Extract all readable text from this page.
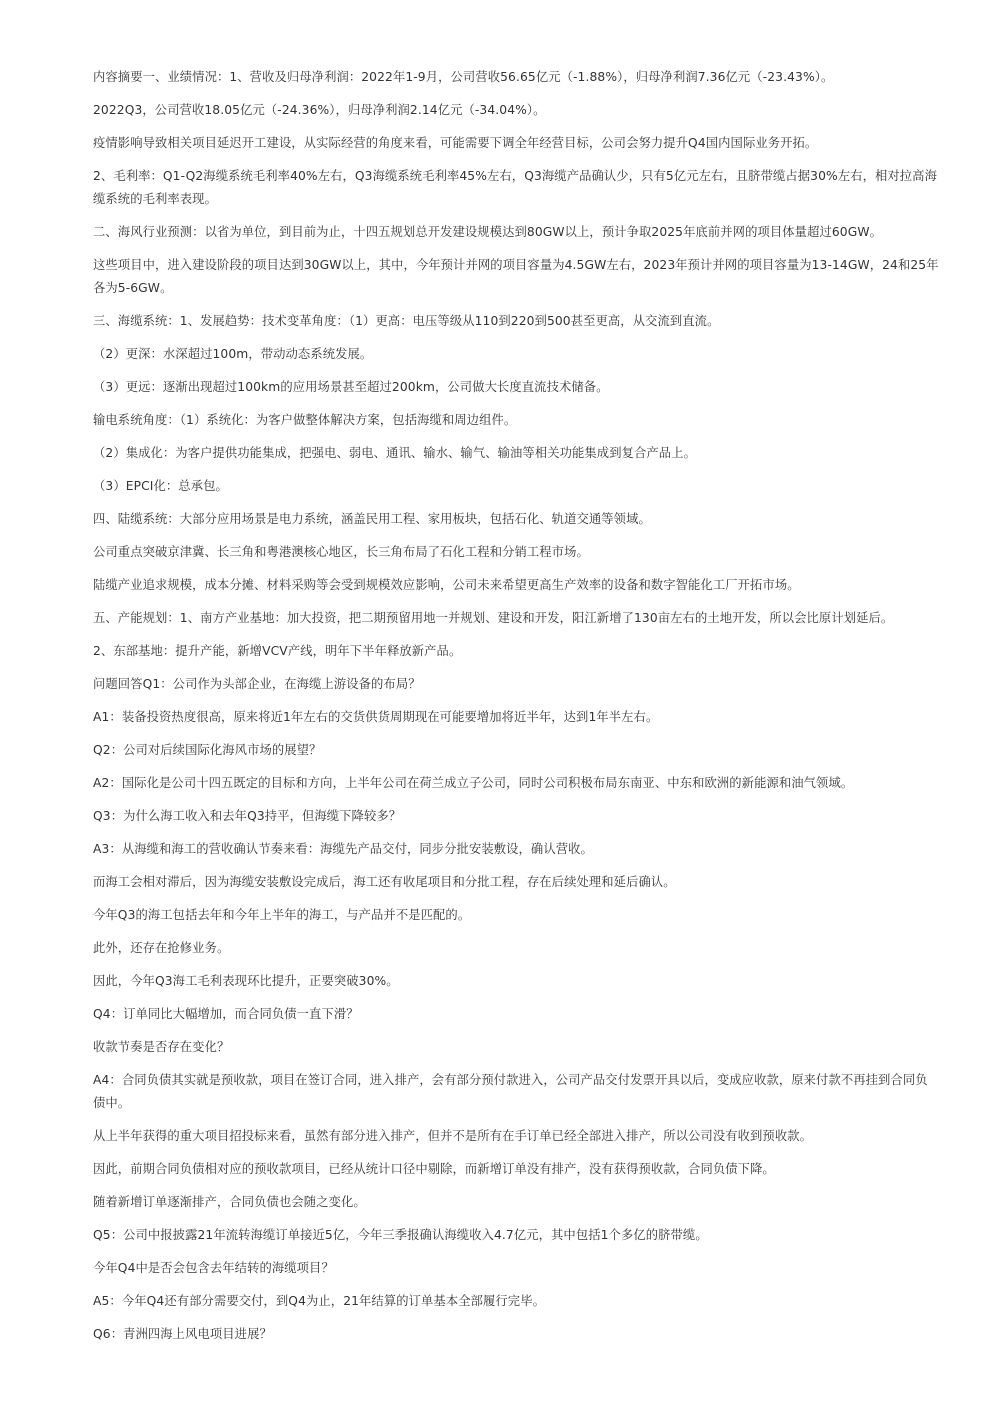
内容摘要一、业绩情况：1、营收及归母净利润：2022年1-9月，公司营收56.65亿元（-1.88%），归母净利润7.36亿元（-23.43%）。

2022Q3，公司营收18.05亿元（-24.36%），归母净利润2.14亿元（-34.04%）。

疫情影响导致相关项目延迟开工建设，从实际经营的角度来看，可能需要下调全年经营目标，公司会努力提升Q4国内国际业务开拓。

2、毛利率：Q1-Q2海缆系统毛利率40%左右，Q3海缆系统毛利率45%左右，Q3海缆产品确认少，只有5亿元左右，且脐带缆占据30%左右，相对拉高海缆系统的毛利率表现。

二、海风行业预测：以省为单位，到目前为止，十四五规划总开发建设规模达到80GW以上，预计争取2025年底前并网的项目体量超过60GW。

这些项目中，进入建设阶段的项目达到30GW以上，其中，今年预计并网的项目容量为4.5GW左右，2023年预计并网的项目容量为13-14GW，24和25年各为5-6GW。

三、海缆系统：1、发展趋势：技术变革角度：（1）更高：电压等级从110到220到500甚至更高，从交流到直流。

（2）更深：水深超过100m，带动动态系统发展。

（3）更远：逐渐出现超过100km的应用场景甚至超过200km，公司做大长度直流技术储备。

输电系统角度：（1）系统化：为客户做整体解决方案，包括海缆和周边组件。

（2）集成化：为客户提供功能集成，把强电、弱电、通讯、输水、输气、输油等相关功能集成到复合产品上。

（3）EPCI化：总承包。

四、陆缆系统：大部分应用场景是电力系统，涵盖民用工程、家用板块，包括石化、轨道交通等领域。

公司重点突破京津冀、长三角和粤港澳核心地区，长三角布局了石化工程和分销工程市场。

陆缆产业追求规模，成本分摊、材料采购等会受到规模效应影响，公司未来希望更高生产效率的设备和数字智能化工厂开拓市场。

五、产能规划：1、南方产业基地：加大投资，把二期预留用地一并规划、建设和开发，阳江新增了130亩左右的土地开发，所以会比原计划延后。

2、东部基地：提升产能，新增VCV产线，明年下半年释放新产品。

问题回答Q1：公司作为头部企业，在海缆上游设备的布局？

A1：装备投资热度很高，原来将近1年左右的交货供货周期现在可能要增加将近半年，达到1年半左右。

Q2：公司对后续国际化海风市场的展望？

A2：国际化是公司十四五既定的目标和方向，上半年公司在荷兰成立子公司，同时公司积极布局东南亚、中东和欧洲的新能源和油气领域。

Q3：为什么海工收入和去年Q3持平，但海缆下降较多？

A3：从海缆和海工的营收确认节奏来看：海缆先产品交付，同步分批安装敷设，确认营收。

而海工会相对滞后，因为海缆安装敷设完成后，海工还有收尾项目和分批工程，存在后续处理和延后确认。

今年Q3的海工包括去年和今年上半年的海工，与产品并不是匹配的。

此外，还存在抢修业务。

因此，今年Q3海工毛利表现环比提升，正要突破30%。

Q4：订单同比大幅增加，而合同负债一直下滑？

收款节奏是否存在变化？

A4：合同负债其实就是预收款，项目在签订合同，进入排产，会有部分预付款进入，公司产品交付发票开具以后，变成应收款，原来付款不再挂到合同负债中。

从上半年获得的重大项目招投标来看，虽然有部分进入排产，但并不是所有在手订单已经全部进入排产，所以公司没有收到预收款。

因此，前期合同负债相对应的预收款项目，已经从统计口径中剔除，而新增订单没有排产，没有获得预收款，合同负债下降。

随着新增订单逐渐排产，合同负债也会随之变化。

Q5：公司中报披露21年流转海缆订单接近5亿，今年三季报确认海缆收入4.7亿元，其中包括1个多亿的脐带缆。

今年Q4中是否会包含去年结转的海缆项目？

A5：今年Q4还有部分需要交付，到Q4为止，21年结算的订单基本全部履行完毕。

Q6：青洲四海上风电项目进展？
